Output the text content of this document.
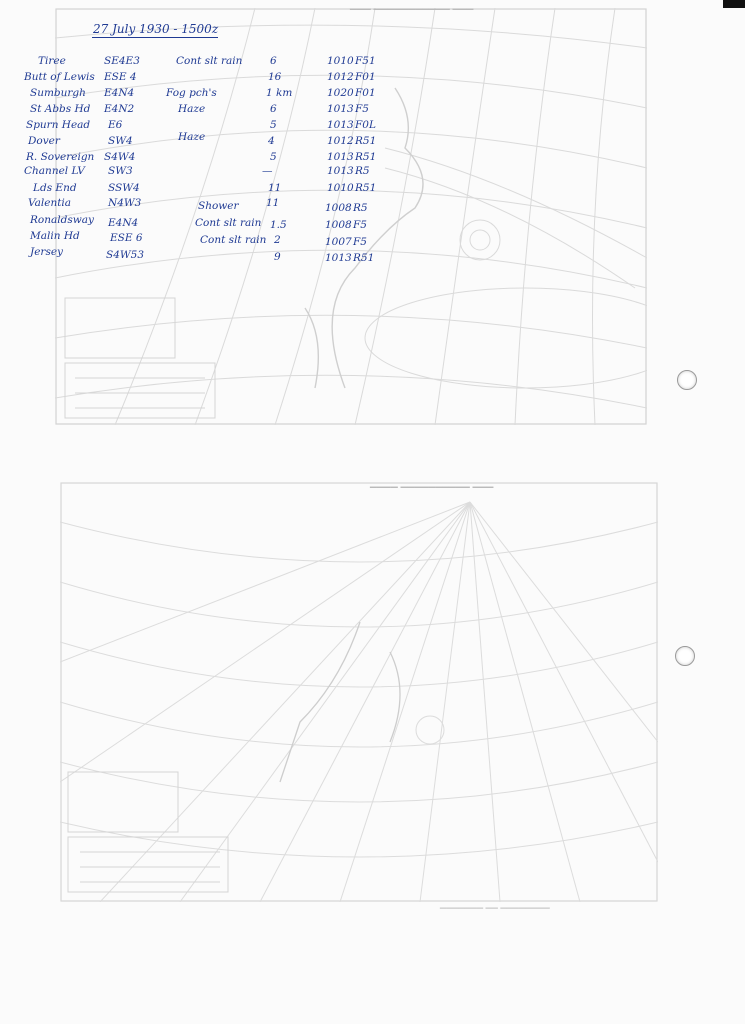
▔▔▔ ▔▔▔▔▔▔▔▔▔▔▔ ▔▔▔
▔▔▔ ▔▔▔▔▔▔▔▔▔▔ ▔▔▔▔
▔▔▔▔▔▔▔▔ ▔▔ ▔▔▔▔▔▔▔
27 July 1930 - 1500z
Tiree	SE4E3	Cont slt rain	6	1010 F51
Butt of Lewis ESE 4	16	1012 F01
Sumburgh E4N4	Fog pch's	1 km	1020 F01
St Abbs Hd E4N2	Haze	6	1013 F5
Spurn Head E6	5	1013 F0L
Dover	SW4	Haze	4	1012 R51
R. Sovereign S4W4	5	1013 R51
Channel LV SW3	—	1013 R5
Lds End	SSW4	11	1010 R51
Valentia	N4W3	Shower	11	1008 R5
Ronaldsway E4N4	Cont slt rain 1.5	1008 F5
Malin Hd	ESE 6	Cont slt rain 2	1007 F5
Jersey	S4W53	9	1013 R51
